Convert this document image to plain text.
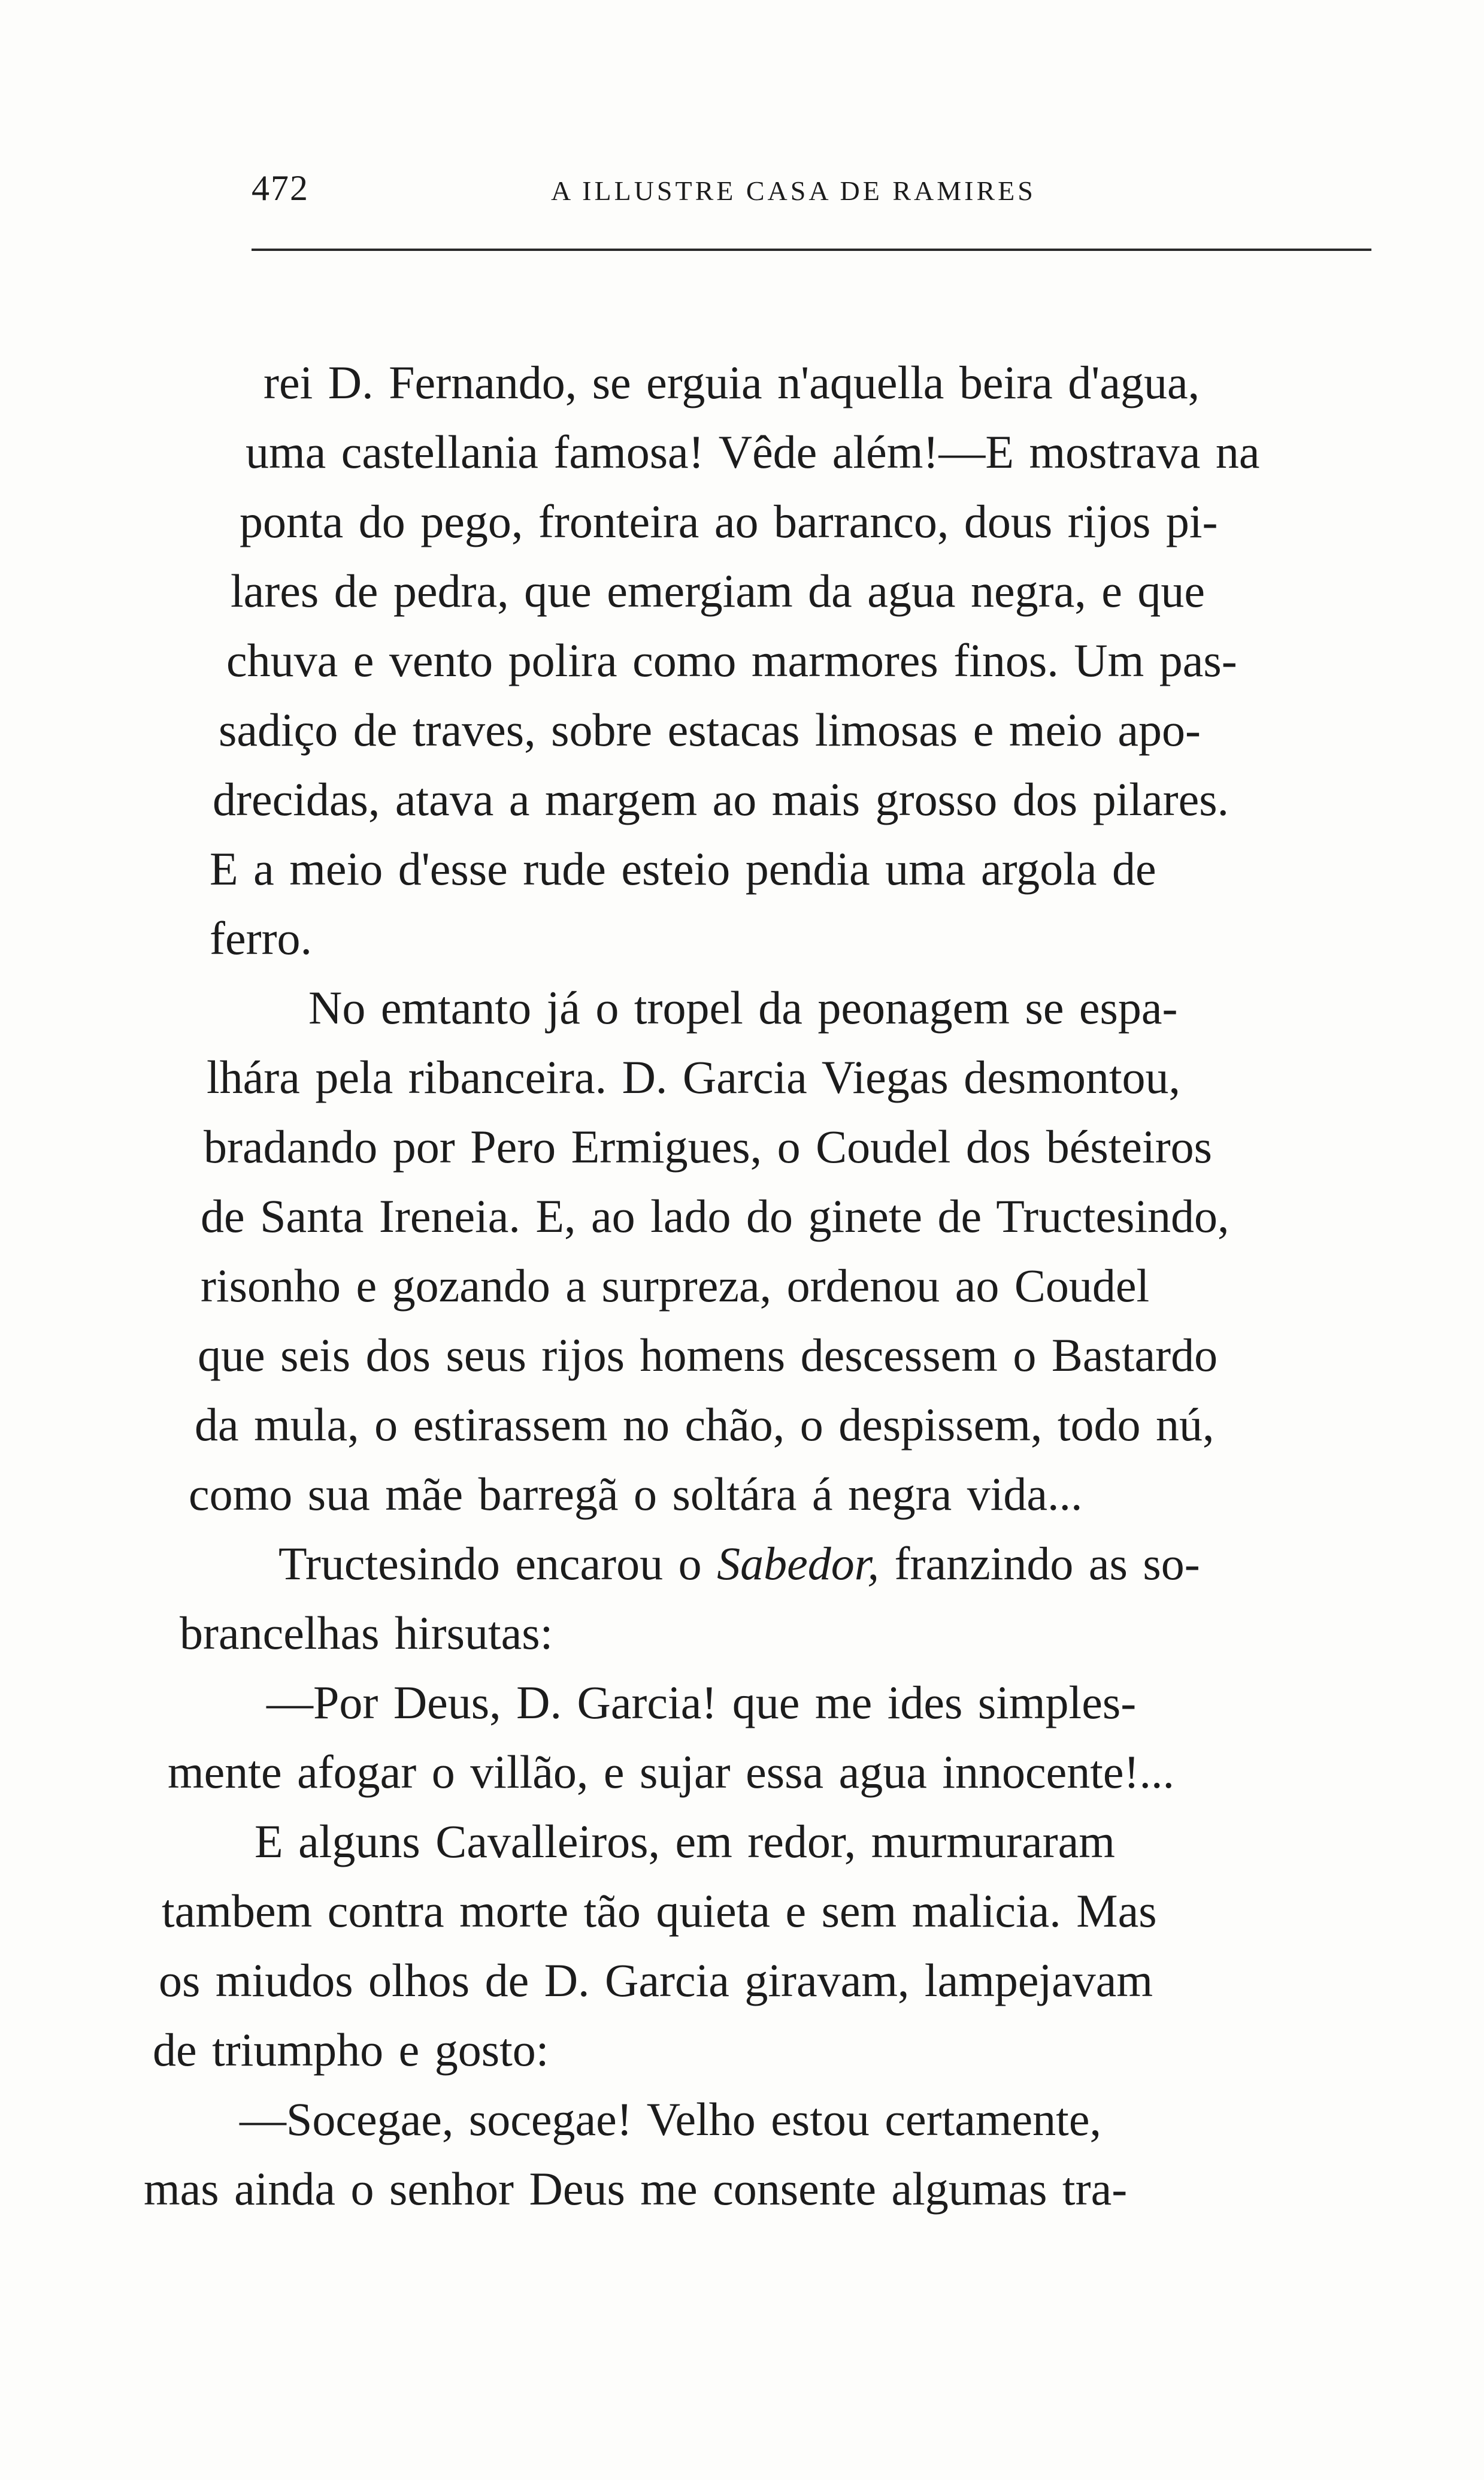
472	A ILLUSTRE CASA DE RAMIRES
rei D. Fernando, se erguia n'aquella beira d'agua,
uma castellania famosa! Vêde além!—E mostrava na
ponta do pego, fronteira ao barranco, dous rijos pi-
lares de pedra, que emergiam da agua negra, e que
chuva e vento polira como marmores finos. Um pas-
sadiço de traves, sobre estacas limosas e meio apo-
drecidas, atava a margem ao mais grosso dos pilares.
E a meio d'esse rude esteio pendia uma argola de
ferro.
No emtanto já o tropel da peonagem se espa-
lhára pela ribanceira. D. Garcia Viegas desmontou,
bradando por Pero Ermigues, o Coudel dos bésteiros
de Santa Ireneia. E, ao lado do ginete de Tructesindo,
risonho e gozando a surpreza, ordenou ao Coudel
que seis dos seus rijos homens descessem o Bastardo
da mula, o estirassem no chão, o despissem, todo nú,
como sua mãe barregã o soltára á negra vida...
Tructesindo encarou o Sabedor, franzindo as so-
brancelhas hirsutas:
—Por Deus, D. Garcia! que me ides simples-
mente afogar o villão, e sujar essa agua innocente!...
E alguns Cavalleiros, em redor, murmuraram
tambem contra morte tão quieta e sem malicia. Mas
os miudos olhos de D. Garcia giravam, lampejavam
de triumpho e gosto:
—Socegae, socegae! Velho estou certamente,
mas ainda o senhor Deus me consente algumas tra-
